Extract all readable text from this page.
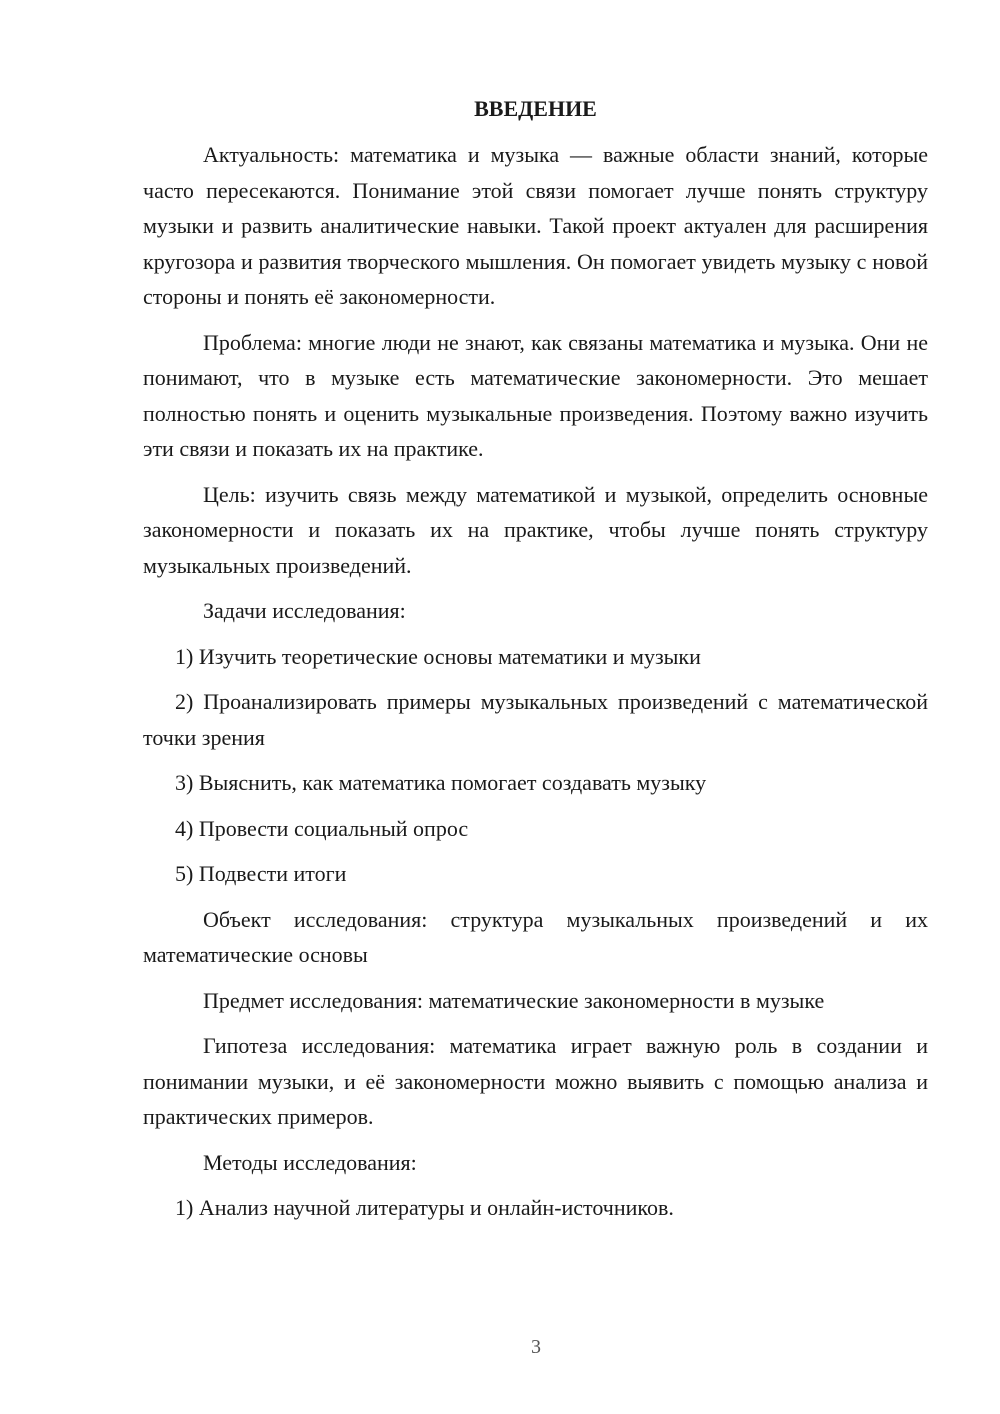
ВВЕДЕНИЕ

Актуальность: математика и музыка — важные области знаний, которые часто пересекаются. Понимание этой связи помогает лучше понять структуру музыки и развить аналитические навыки. Такой проект актуален для расширения кругозора и развития творческого мышления. Он помогает увидеть музыку с новой стороны и понять её закономерности.

Проблема: многие люди не знают, как связаны математика и музыка. Они не понимают, что в музыке есть математические закономерности. Это мешает полностью понять и оценить музыкальные произведения. Поэтому важно изучить эти связи и показать их на практике.

Цель: изучить связь между математикой и музыкой, определить основные закономерности и показать их на практике, чтобы лучше понять структуру музыкальных произведений.

Задачи исследования:

1) Изучить теоретические основы математики и музыки

2) Проанализировать примеры музыкальных произведений с математической точки зрения

3) Выяснить, как математика помогает создавать музыку

4) Провести социальный опрос

5) Подвести итоги

Объект исследования: структура музыкальных произведений и их математические основы

Предмет исследования: математические закономерности в музыке

Гипотеза исследования: математика играет важную роль в создании и понимании музыки, и её закономерности можно выявить с помощью анализа и практических примеров.

Методы исследования:

1) Анализ научной литературы и онлайн-источников.

3
